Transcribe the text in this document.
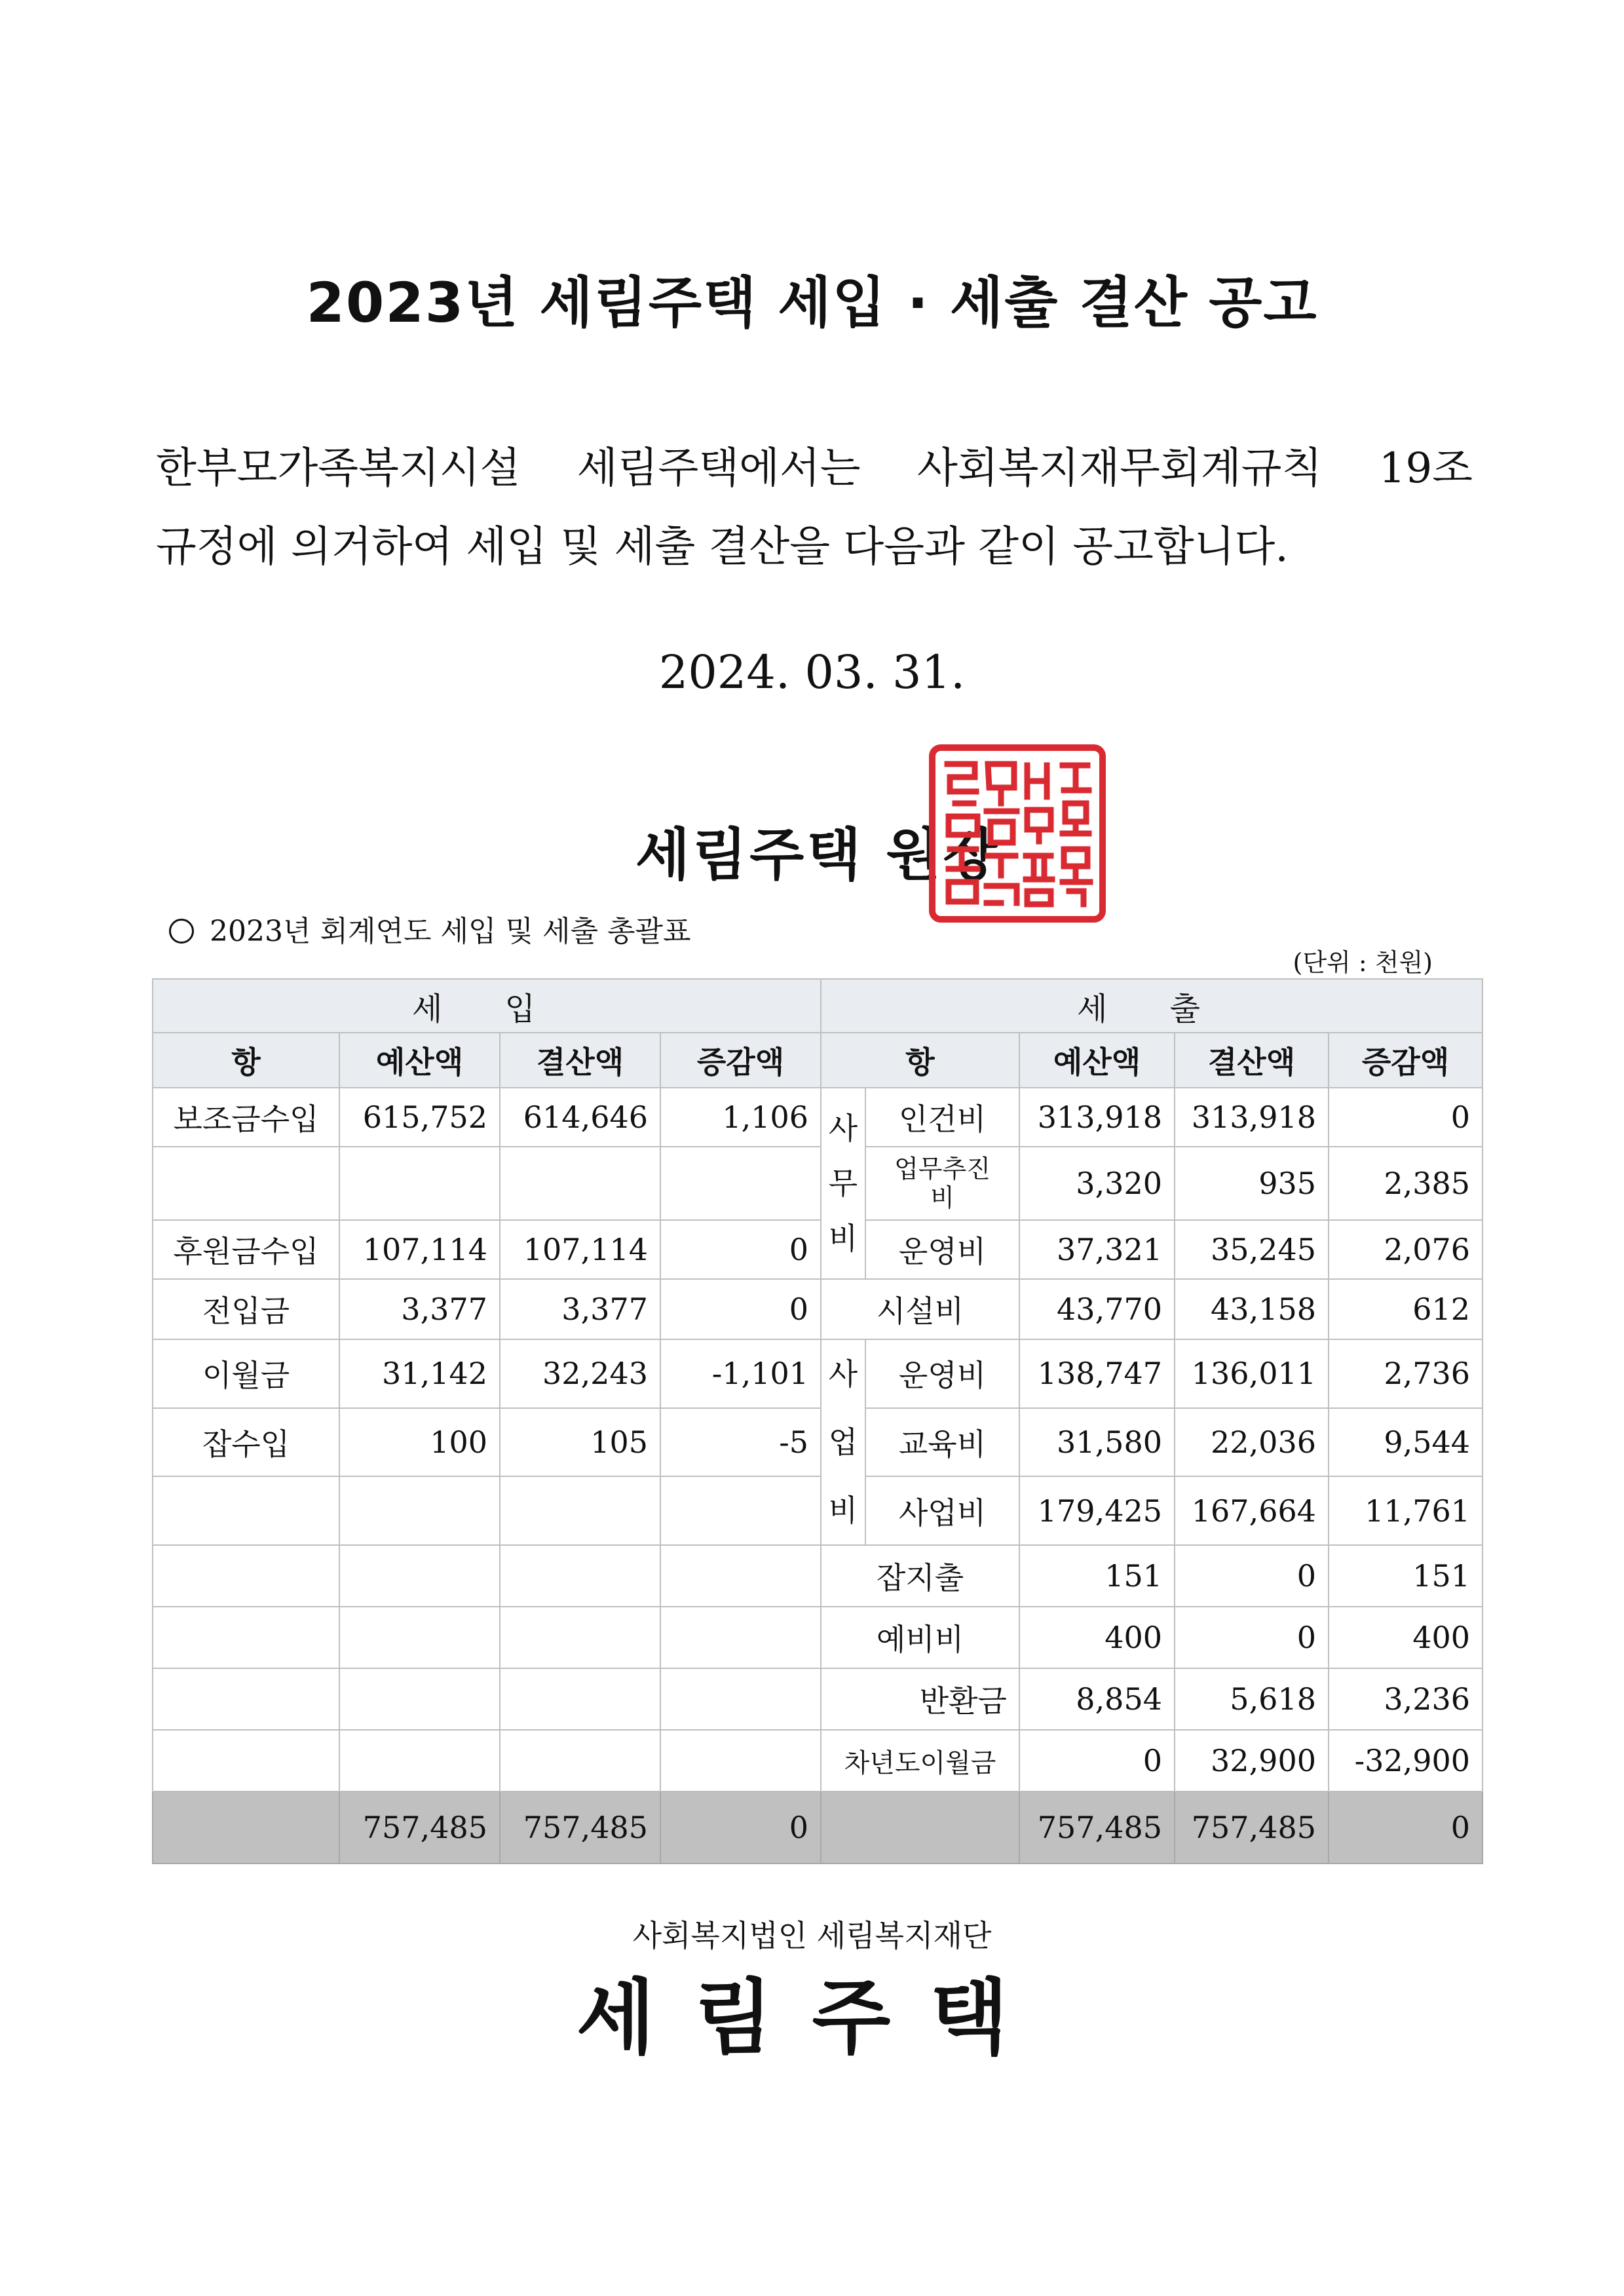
2023년 세림주택 세입 · 세출 결산 공고
한부모가족복지시설 세림주택에서는 사회복지재무회계규칙 19조
규정에 의거하여 세입 및 세출 결산을 다음과 같이 공고합니다.
2024. 03. 31.
세림주택 원장
2023년 회계연도 세입 및 세출 총괄표
(단위 : 천원)
세 입				세 출				
항	예산액	결산액	증감액	항		예산액	결산액	증감액
보조금수입	615,752	614,646	1,106	사무비	인건비	313,918	313,918	0
					업무추진비	3,320	935	2,385
후원금수입	107,114	107,114	0		운영비	37,321	35,245	2,076
전입금	3,377	3,377	0	시설비		43,770	43,158	612
이월금	31,142	32,243	-1,101	사업비	운영비	138,747	136,011	2,736
잡수입	100	105	-5		교육비	31,580	22,036	9,544
					사업비	179,425	167,664	11,761
				잡지출		151	0	151
				예비비		400	0	400
				반환금		8,854	5,618	3,236
				차년도이월금		0	32,900	-32,900
	757,485	757,485	0			757,485	757,485	0
사회복지법인 세림복지재단
세림주택
